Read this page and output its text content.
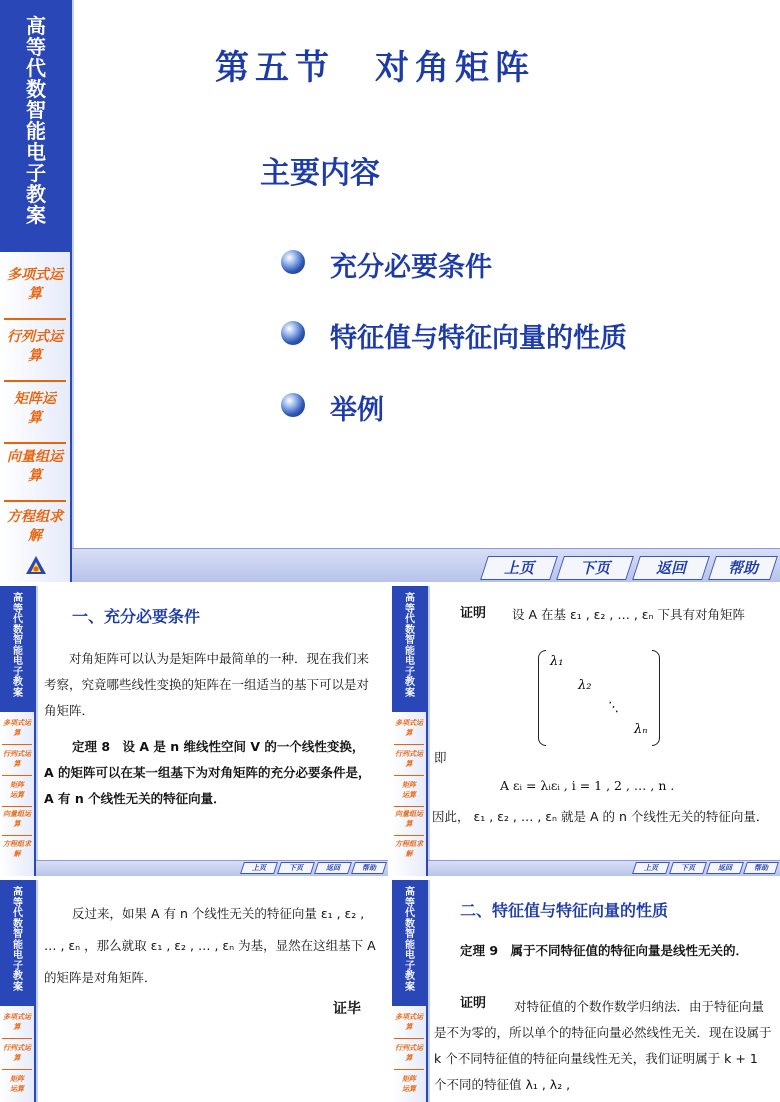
高
等
代
数
智
能
电
子
教
案
多项式运算
行列式运算
矩阵运算
向量组运算
方程组求解
第五节　对角矩阵
主要内容
充分必要条件
特征值与特征向量的性质
举例
上页	下页	返回	帮助
高
等
代
数
智
能
电
子
教
案
多项式运算
行列式运算
矩阵运算
向量组运算
方程组求解
一、充分必要条件
对角矩阵可以认为是矩阵中最简单的一种．现在我们来考察，究竟哪些线性变换的矩阵在一组适当的基下可以是对角矩阵．
定理 8　设 A 是 n 维线性空间 V 的一个线性变换， A 的矩阵可以在某一组基下为对角矩阵的充分必要条件是， A 有 n 个线性无关的特征向量．
上页	下页	返回	帮助
高
等
代
数
智
能
电
子
教
案
多项式运算
行列式运算
矩阵运算
向量组运算
方程组求解
证明	设 A 在基 ε₁ , ε₂ , … , εₙ 下具有对角矩阵
λ₁
λ₂
⋱
λₙ
即
A εᵢ = λᵢεᵢ , i = 1 , 2 , … , n .
因此， ε₁ , ε₂ , … , εₙ 就是 A 的 n 个线性无关的特征向量．
上页	下页	返回	帮助
高
等
代
数
智
能
电
子
教
案
多项式运算
行列式运算
矩阵运算
反过来，如果 A 有 n 个线性无关的特征向量 ε₁ , ε₂ , … , εₙ ，那么就取 ε₁ , ε₂ , … , εₙ 为基，显然在这组基下 A 的矩阵是对角矩阵．
证毕
高
等
代
数
智
能
电
子
教
案
多项式运算
行列式运算
矩阵运算
二、特征值与特征向量的性质
定理 9　属于不同特征值的特征向量是线性无关的．
证明	对特征值的个数作数学归纳法．由于特征向量是不为零的，所以单个的特征向量必然线性无关．现在设属于 k 个不同特征值的特征向量线性无关，我们证明属于 k + 1 个不同的特征值 λ₁ , λ₂ ,
